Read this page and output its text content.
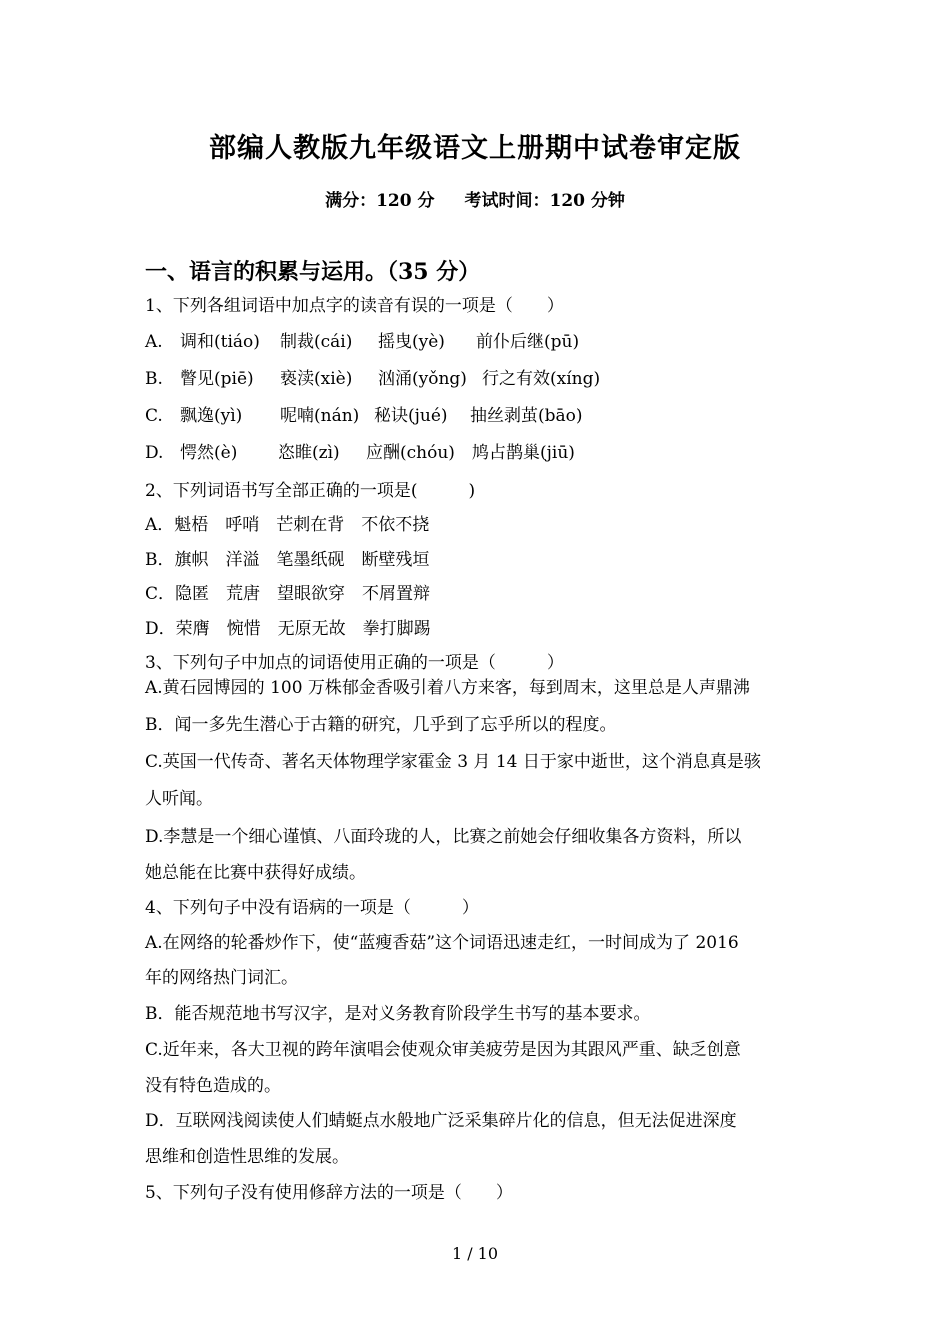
部编人教版九年级语文上册期中试卷审定版
满分：120 分 考试时间：120 分钟
一、语言的积累与运用。（35 分）
1、下列各组词语中加点字的读音有误的一项是（　　）
A. 调和(tiáo) 制裁(cái) 摇曳(yè) 前仆后继(pū)
B. 瞥见(piē) 亵渎(xiè) 汹涌(yǒng) 行之有效(xíng)
C. 飘逸(yì) 呢喃(nán) 秘诀(jué) 抽丝剥茧(bāo)
D. 愕然(è) 恣睢(zì) 应酬(chóu) 鸠占鹊巢(jiū)
2、下列词语书写全部正确的一项是(　　　)
A．魁梧　呼哨　芒刺在背　不依不挠
B．旗帜　洋溢　笔墨纸砚　断壁残垣
C．隐匿　荒唐　望眼欲穿　不屑置辩
D．荣膺　惋惜　无原无故　拳打脚踢
3、下列句子中加点的词语使用正确的一项是（　　　）
A.黄石园博园的 100 万株郁金香吸引着八方来客，每到周末，这里总是人声鼎沸
B．闻一多先生潜心于古籍的研究，几乎到了忘乎所以的程度。
C.英国一代传奇、著名天体物理学家霍金 3 月 14 日于家中逝世，这个消息真是骇
人听闻。
D.李慧是一个细心谨慎、八面玲珑的人，比赛之前她会仔细收集各方资料，所以
她总能在比赛中获得好成绩。
4、下列句子中没有语病的一项是（　　　）
A.在网络的轮番炒作下，使“蓝瘦香菇”这个词语迅速走红，一时间成为了 2016
年的网络热门词汇。
B．能否规范地书写汉字，是对义务教育阶段学生书写的基本要求。
C.近年来，各大卫视的跨年演唱会使观众审美疲劳是因为其跟风严重、缺乏创意
没有特色造成的。
D．互联网浅阅读使人们蜻蜓点水般地广泛采集碎片化的信息，但无法促进深度
思维和创造性思维的发展。
5、下列句子没有使用修辞方法的一项是（　　）
1 / 10
